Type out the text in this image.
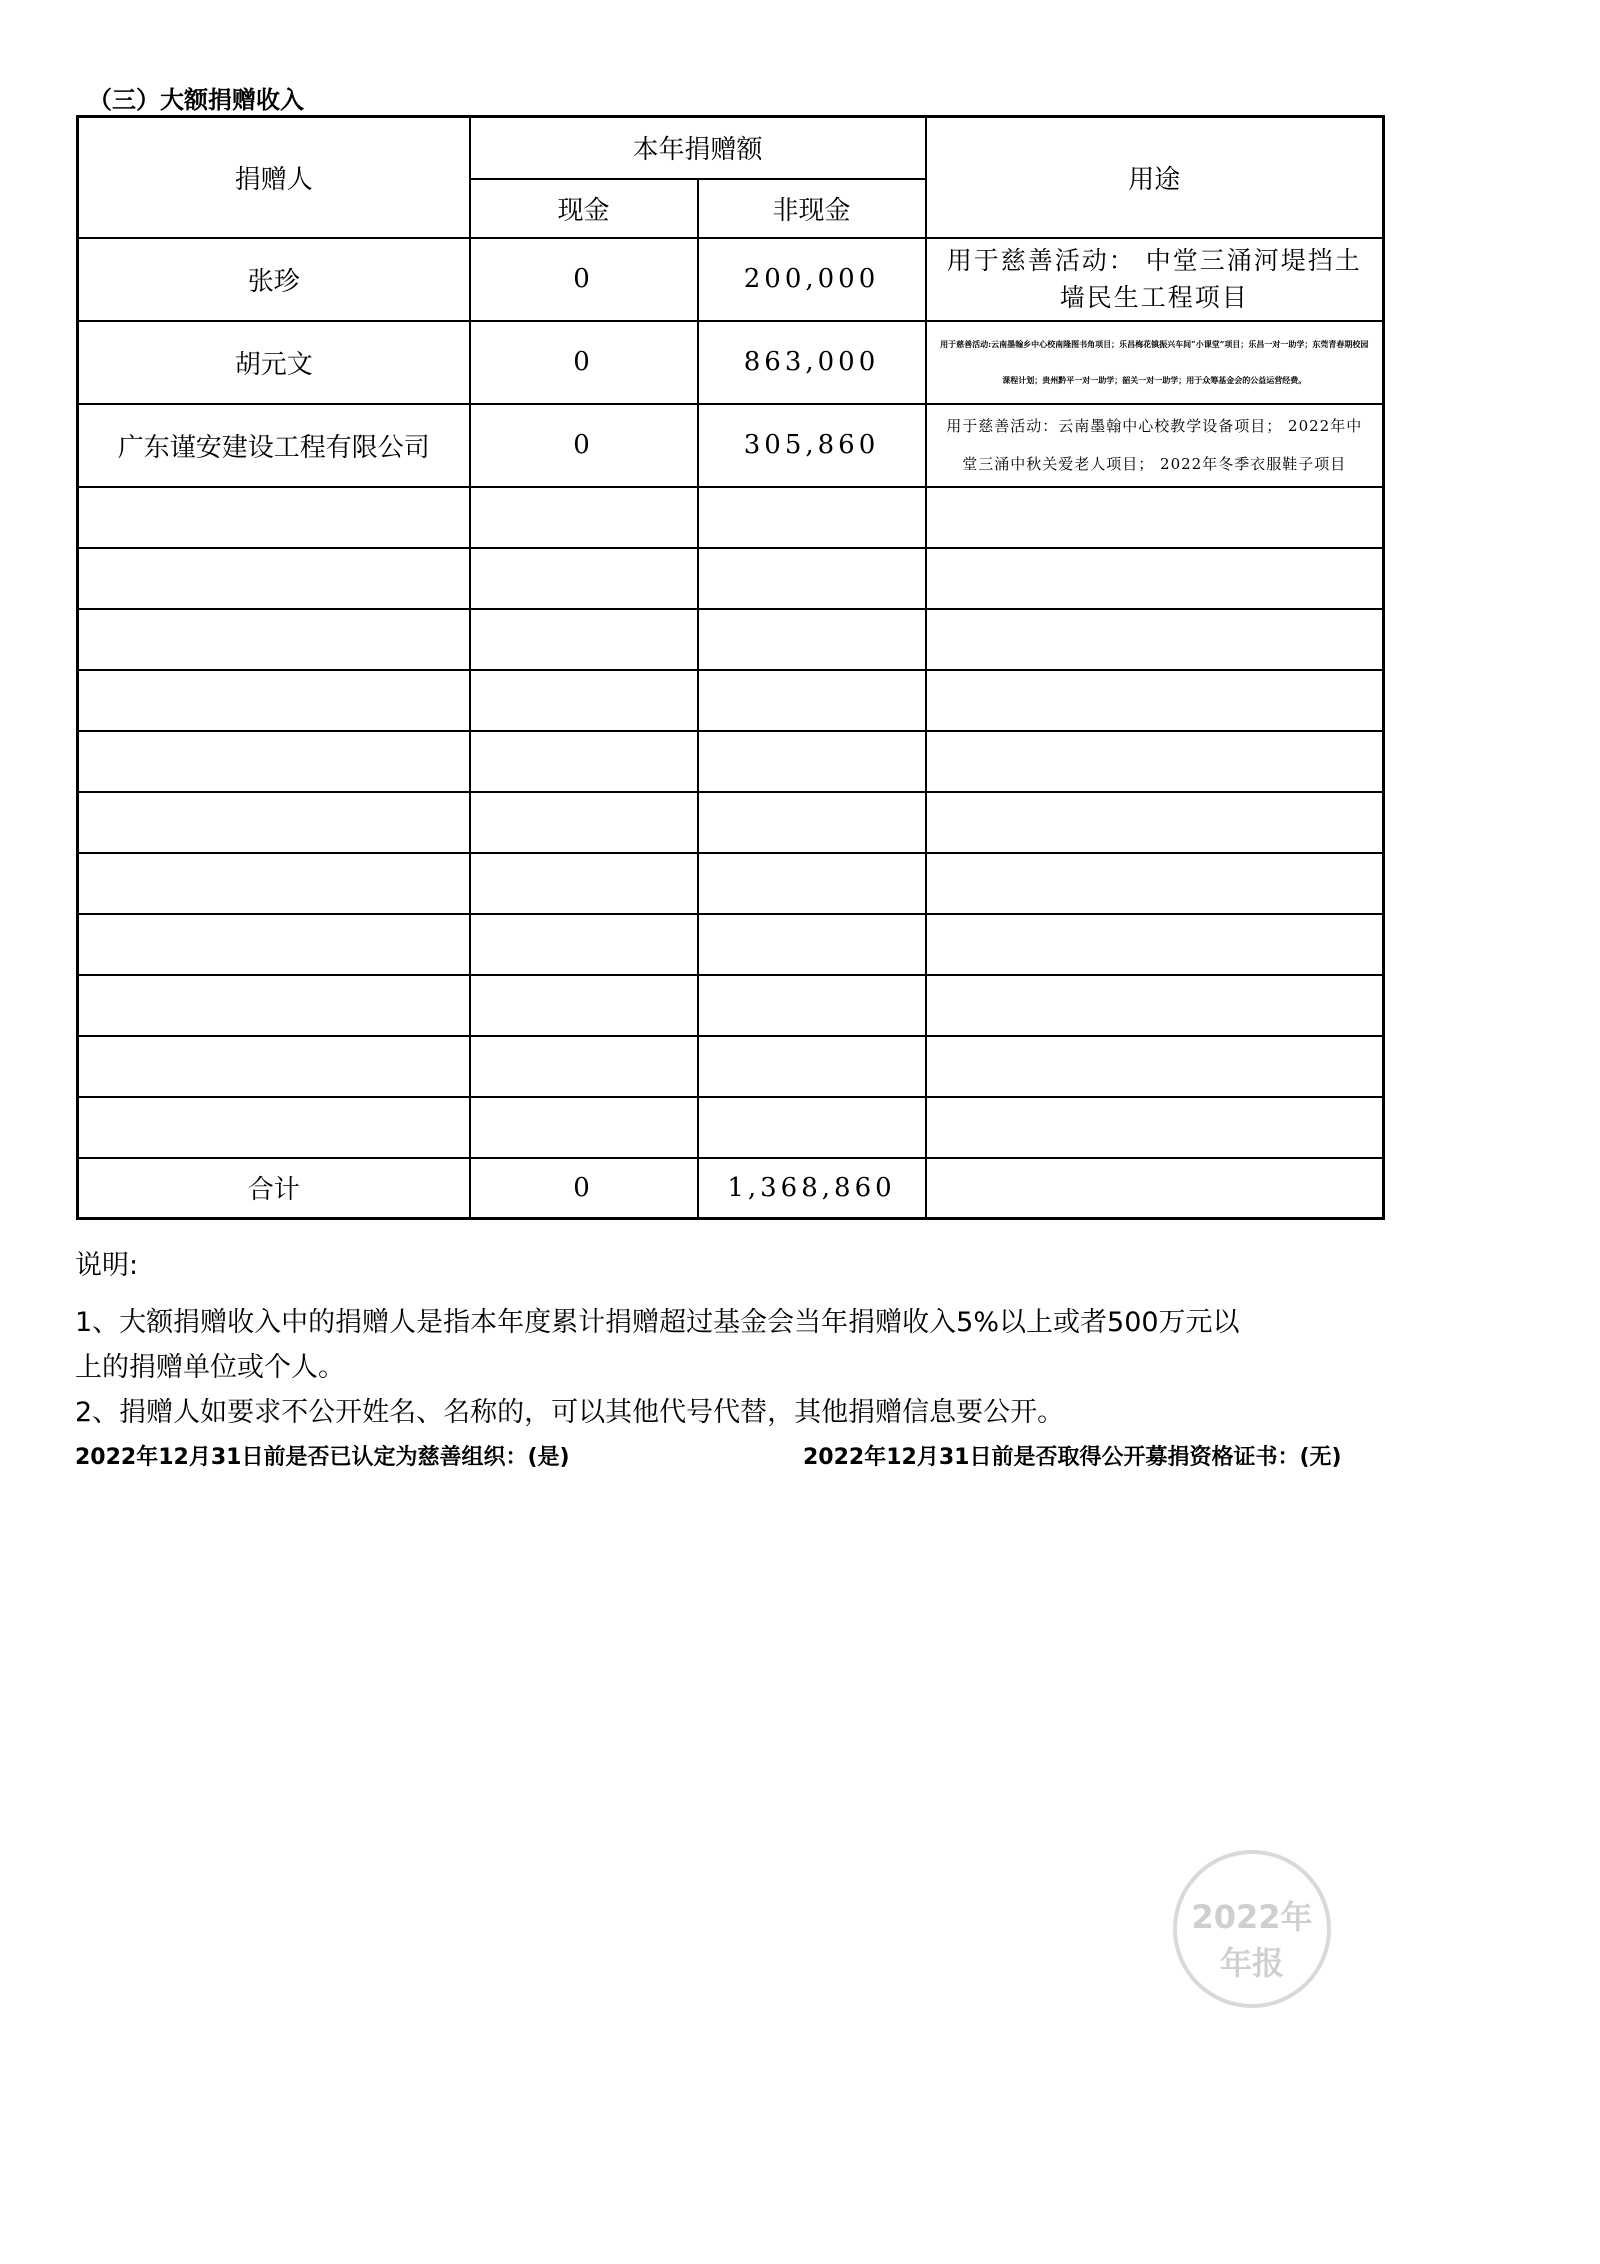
（三）大额捐赠收入
捐赠人	本年捐赠额		用途
	现金	非现金	
张珍	0	200,000	用于慈善活动： 中堂三涌河堤挡土
墙民生工程项目

胡元文	0	863,000	用于慈善活动:云南墨翰乡中心校南隆图书角项目；乐昌梅花镇振兴车间“小课堂”项目；乐昌一对一助学；东莞青春期校园
课程计划；贵州黔平一对一助学；韶关一对一助学；用于众筹基金会的公益运营经费。

广东谨安建设工程有限公司	0	305,860	用于慈善活动：云南墨翰中心校教学设备项目； 2022年中
堂三涌中秋关爱老人项目； 2022年冬季衣服鞋子项目

合计	0	1,368,860	
说明:
1、大额捐赠收入中的捐赠人是指本年度累计捐赠超过基金会当年捐赠收入5%以上或者500万元以
上的捐赠单位或个人。
2、捐赠人如要求不公开姓名、名称的，可以其他代号代替，其他捐赠信息要公开。
2022年12月31日前是否已认定为慈善组织：(是)	2022年12月31日前是否取得公开募捐资格证书：(无)
2022年
年报
